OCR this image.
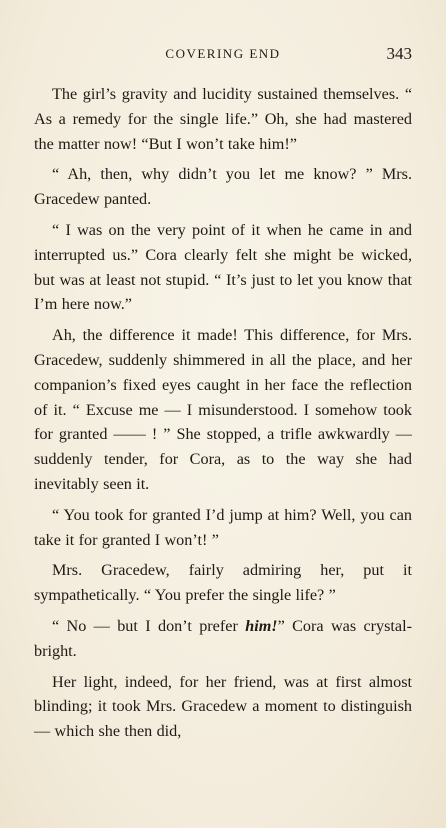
COVERING END	343

The girl’s gravity and lucidity sustained themselves. “ As a remedy for the single life.” Oh, she had mastered the matter now! “But I won’t take him!”

“ Ah, then, why didn’t you let me know? ” Mrs. Gracedew panted.

“ I was on the very point of it when he came in and interrupted us.” Cora clearly felt she might be wicked, but was at least not stupid. “ It’s just to let you know that I’m here now.”

Ah, the difference it made! This difference, for Mrs. Gracedew, suddenly shimmered in all the place, and her companion’s fixed eyes caught in her face the reflection of it. “ Excuse me — I misunderstood. I somehow took for granted —— ! ” She stopped, a trifle awkwardly — suddenly tender, for Cora, as to the way she had inevitably seen it.

“ You took for granted I’d jump at him? Well, you can take it for granted I won’t! ”

Mrs. Gracedew, fairly admiring her, put it sympathetically. “ You prefer the single life? ”

“ No — but I don’t prefer him!” Cora was crystal-bright.

Her light, indeed, for her friend, was at first almost blinding; it took Mrs. Gracedew a moment to distinguish — which she then did,
